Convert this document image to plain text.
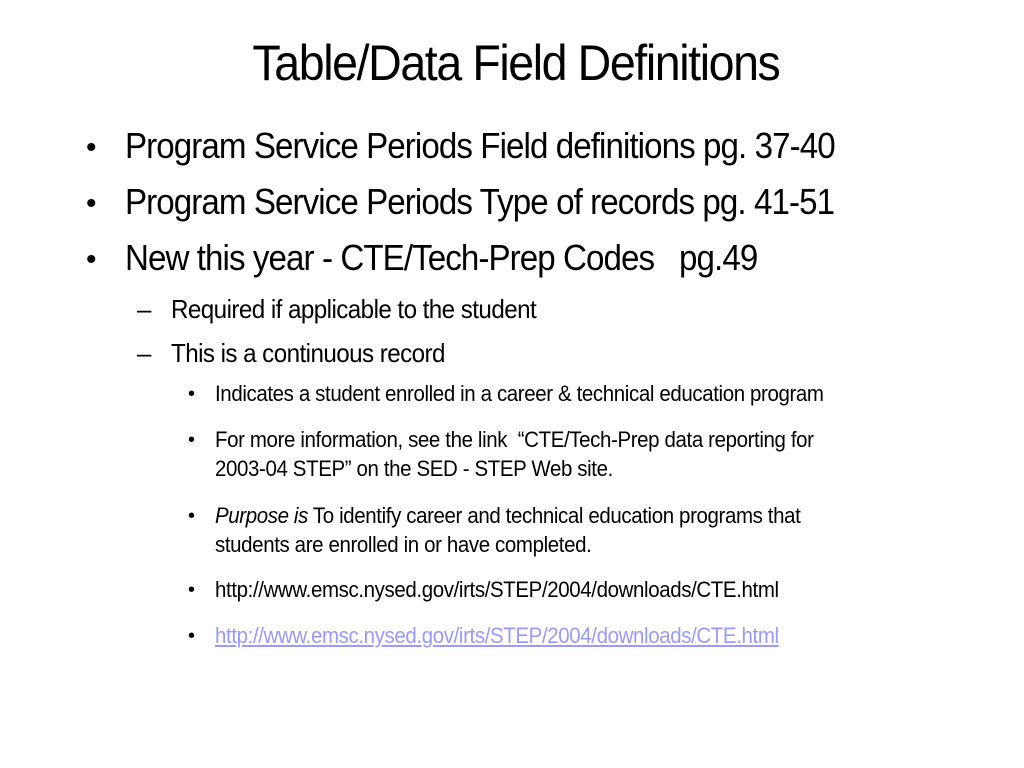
Table/Data Field Definitions
• Program Service Periods Field definitions pg. 37-40
• Program Service Periods Type of records pg. 41-51
• New this year - CTE/Tech-Prep Codes   pg.49
– Required if applicable to the student
– This is a continuous record
• Indicates a student enrolled in a career & technical education program
• For more information, see the link  “CTE/Tech-Prep data reporting for
2003-04 STEP” on the SED - STEP Web site.
• Purpose is To identify career and technical education programs that
students are enrolled in or have completed.
• http://www.emsc.nysed.gov/irts/STEP/2004/downloads/CTE.html
• http://www.emsc.nysed.gov/irts/STEP/2004/downloads/CTE.html
